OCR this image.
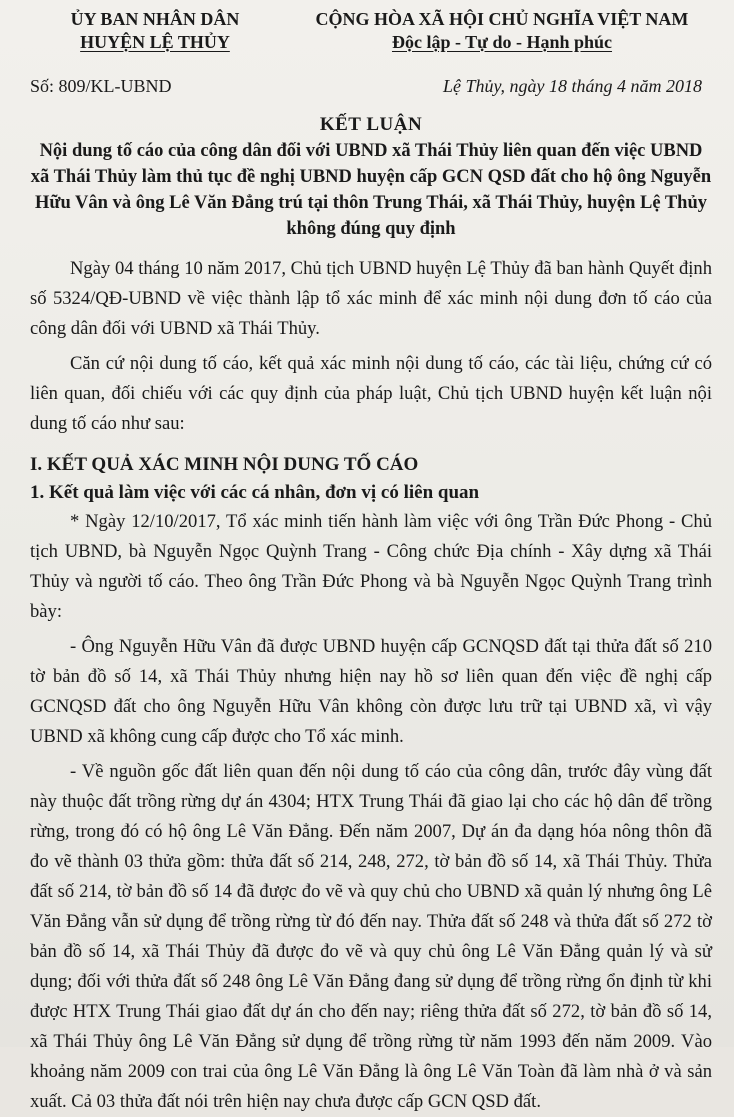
ỦY BAN NHÂN DÂN
HUYỆN LỆ THỦY
CỘNG HÒA XÃ HỘI CHỦ NGHĨA VIỆT NAM
Độc lập - Tự do - Hạnh phúc
Số: 809/KL-UBND	Lệ Thủy, ngày 18 tháng 4 năm 2018
KẾT LUẬN
Nội dung tố cáo của công dân đối với UBND xã Thái Thủy liên quan đến việc UBND xã Thái Thủy làm thủ tục đề nghị UBND huyện cấp GCN QSD đất cho hộ ông Nguyễn Hữu Vân và ông Lê Văn Đẳng trú tại thôn Trung Thái, xã Thái Thủy, huyện Lệ Thủy không đúng quy định

Ngày 04 tháng 10 năm 2017, Chủ tịch UBND huyện Lệ Thủy đã ban hành Quyết định số 5324/QĐ-UBND về việc thành lập tổ xác minh để xác minh nội dung đơn tố cáo của công dân đối với UBND xã Thái Thủy.

Căn cứ nội dung tố cáo, kết quả xác minh nội dung tố cáo, các tài liệu, chứng cứ có liên quan, đối chiếu với các quy định của pháp luật, Chủ tịch UBND huyện kết luận nội dung tố cáo như sau:

I. KẾT QUẢ XÁC MINH NỘI DUNG TỐ CÁO
1. Kết quả làm việc với các cá nhân, đơn vị có liên quan

* Ngày 12/10/2017, Tổ xác minh tiến hành làm việc với ông Trần Đức Phong - Chủ tịch UBND, bà Nguyễn Ngọc Quỳnh Trang - Công chức Địa chính - Xây dựng xã Thái Thủy và người tố cáo. Theo ông Trần Đức Phong và bà Nguyễn Ngọc Quỳnh Trang trình bày:

- Ông Nguyễn Hữu Vân đã được UBND huyện cấp GCNQSD đất tại thửa đất số 210 tờ bản đồ số 14, xã Thái Thủy nhưng hiện nay hồ sơ liên quan đến việc đề nghị cấp GCNQSD đất cho ông Nguyễn Hữu Vân không còn được lưu trữ tại UBND xã, vì vậy UBND xã không cung cấp được cho Tổ xác minh.

- Về nguồn gốc đất liên quan đến nội dung tố cáo của công dân, trước đây vùng đất này thuộc đất trồng rừng dự án 4304; HTX Trung Thái đã giao lại cho các hộ dân để trồng rừng, trong đó có hộ ông Lê Văn Đẳng. Đến năm 2007, Dự án đa dạng hóa nông thôn đã đo vẽ thành 03 thửa gồm: thửa đất số 214, 248, 272, tờ bản đồ số 14, xã Thái Thủy. Thửa đất số 214, tờ bản đồ số 14 đã được đo vẽ và quy chủ cho UBND xã quản lý nhưng ông Lê Văn Đẳng vẫn sử dụng để trồng rừng từ đó đến nay. Thửa đất số 248 và thửa đất số 272 tờ bản đồ số 14, xã Thái Thủy đã được đo vẽ và quy chủ ông Lê Văn Đẳng quản lý và sử dụng; đối với thửa đất số 248 ông Lê Văn Đẳng đang sử dụng để trồng rừng ổn định từ khi được HTX Trung Thái giao đất dự án cho đến nay; riêng thửa đất số 272, tờ bản đồ số 14, xã Thái Thủy ông Lê Văn Đẳng sử dụng để trồng rừng từ năm 1993 đến năm 2009. Vào khoảng năm 2009 con trai của ông Lê Văn Đẳng là ông Lê Văn Toàn đã làm nhà ở và sản xuất. Cả 03 thửa đất nói trên hiện nay chưa được cấp GCN QSD đất.
